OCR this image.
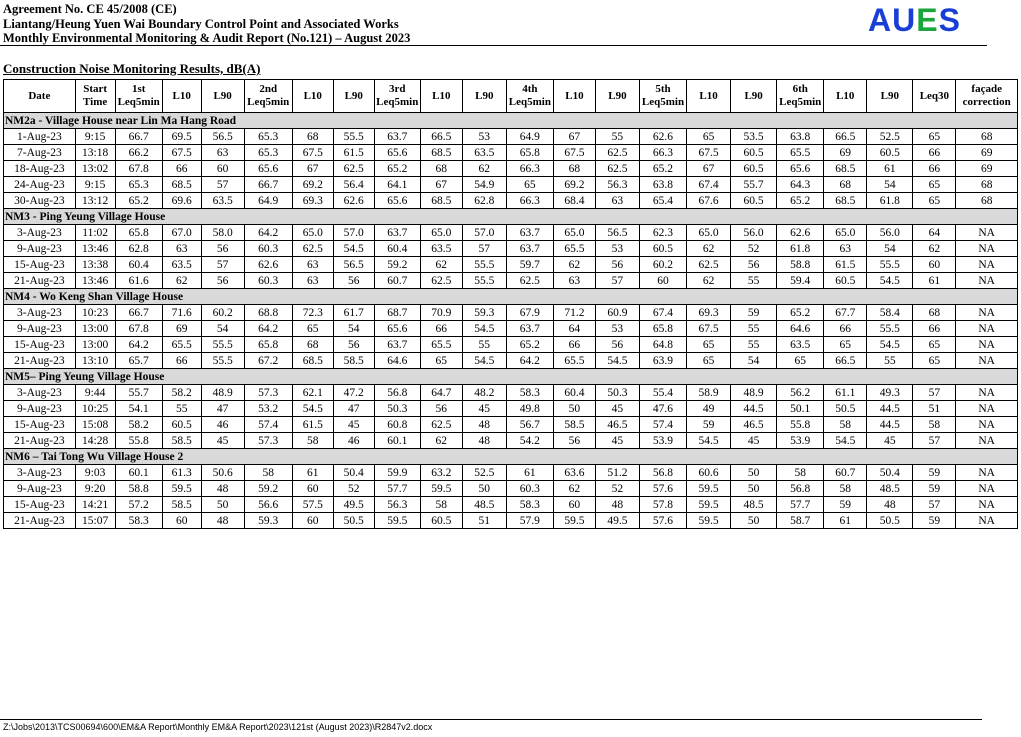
Agreement No. CE 45/2008 (CE)
Liantang/Heung Yuen Wai Boundary Control Point and Associated Works
Monthly Environmental Monitoring & Audit Report (No.121) – August 2023	AUES
Construction Noise Monitoring Results, dB(A)
Date	Start Time	1st Leq5min	L10	L90	2nd Leq5min	L10	L90	3rd Leq5min	L10	L90	4th Leq5min	L10	L90	5th Leq5min	L10	L90	6th Leq5min	L10	L90	Leq30	façade correction
NM2a - Village House near Lin Ma Hang Road																					
1-Aug-23	9:15	66.7	69.5	56.5	65.3	68	55.5	63.7	66.5	53	64.9	67	55	62.6	65	53.5	63.8	66.5	52.5	65	68
7-Aug-23	13:18	66.2	67.5	63	65.3	67.5	61.5	65.6	68.5	63.5	65.8	67.5	62.5	66.3	67.5	60.5	65.5	69	60.5	66	69
18-Aug-23	13:02	67.8	66	60	65.6	67	62.5	65.2	68	62	66.3	68	62.5	65.2	67	60.5	65.6	68.5	61	66	69
24-Aug-23	9:15	65.3	68.5	57	66.7	69.2	56.4	64.1	67	54.9	65	69.2	56.3	63.8	67.4	55.7	64.3	68	54	65	68
30-Aug-23	13:12	65.2	69.6	63.5	64.9	69.3	62.6	65.6	68.5	62.8	66.3	68.4	63	65.4	67.6	60.5	65.2	68.5	61.8	65	68
NM3 - Ping Yeung Village House																					
3-Aug-23	11:02	65.8	67.0	58.0	64.2	65.0	57.0	63.7	65.0	57.0	63.7	65.0	56.5	62.3	65.0	56.0	62.6	65.0	56.0	64	NA
9-Aug-23	13:46	62.8	63	56	60.3	62.5	54.5	60.4	63.5	57	63.7	65.5	53	60.5	62	52	61.8	63	54	62	NA
15-Aug-23	13:38	60.4	63.5	57	62.6	63	56.5	59.2	62	55.5	59.7	62	56	60.2	62.5	56	58.8	61.5	55.5	60	NA
21-Aug-23	13:46	61.6	62	56	60.3	63	56	60.7	62.5	55.5	62.5	63	57	60	62	55	59.4	60.5	54.5	61	NA
NM4 - Wo Keng Shan Village House																					
3-Aug-23	10:23	66.7	71.6	60.2	68.8	72.3	61.7	68.7	70.9	59.3	67.9	71.2	60.9	67.4	69.3	59	65.2	67.7	58.4	68	NA
9-Aug-23	13:00	67.8	69	54	64.2	65	54	65.6	66	54.5	63.7	64	53	65.8	67.5	55	64.6	66	55.5	66	NA
15-Aug-23	13:00	64.2	65.5	55.5	65.8	68	56	63.7	65.5	55	65.2	66	56	64.8	65	55	63.5	65	54.5	65	NA
21-Aug-23	13:10	65.7	66	55.5	67.2	68.5	58.5	64.6	65	54.5	64.2	65.5	54.5	63.9	65	54	65	66.5	55	65	NA
NM5– Ping Yeung Village House																					
3-Aug-23	9:44	55.7	58.2	48.9	57.3	62.1	47.2	56.8	64.7	48.2	58.3	60.4	50.3	55.4	58.9	48.9	56.2	61.1	49.3	57	NA
9-Aug-23	10:25	54.1	55	47	53.2	54.5	47	50.3	56	45	49.8	50	45	47.6	49	44.5	50.1	50.5	44.5	51	NA
15-Aug-23	15:08	58.2	60.5	46	57.4	61.5	45	60.8	62.5	48	56.7	58.5	46.5	57.4	59	46.5	55.8	58	44.5	58	NA
21-Aug-23	14:28	55.8	58.5	45	57.3	58	46	60.1	62	48	54.2	56	45	53.9	54.5	45	53.9	54.5	45	57	NA
NM6 – Tai Tong Wu Village House 2																					
3-Aug-23	9:03	60.1	61.3	50.6	58	61	50.4	59.9	63.2	52.5	61	63.6	51.2	56.8	60.6	50	58	60.7	50.4	59	NA
9-Aug-23	9:20	58.8	59.5	48	59.2	60	52	57.7	59.5	50	60.3	62	52	57.6	59.5	50	56.8	58	48.5	59	NA
15-Aug-23	14:21	57.2	58.5	50	56.6	57.5	49.5	56.3	58	48.5	58.3	60	48	57.8	59.5	48.5	57.7	59	48	57	NA
21-Aug-23	15:07	58.3	60	48	59.3	60	50.5	59.5	60.5	51	57.9	59.5	49.5	57.6	59.5	50	58.7	61	50.5	59	NA
Z:\Jobs\2013\TCS00694\600\EM&A Report\Monthly EM&A Report\2023\121st (August 2023)\R2847v2.docx
